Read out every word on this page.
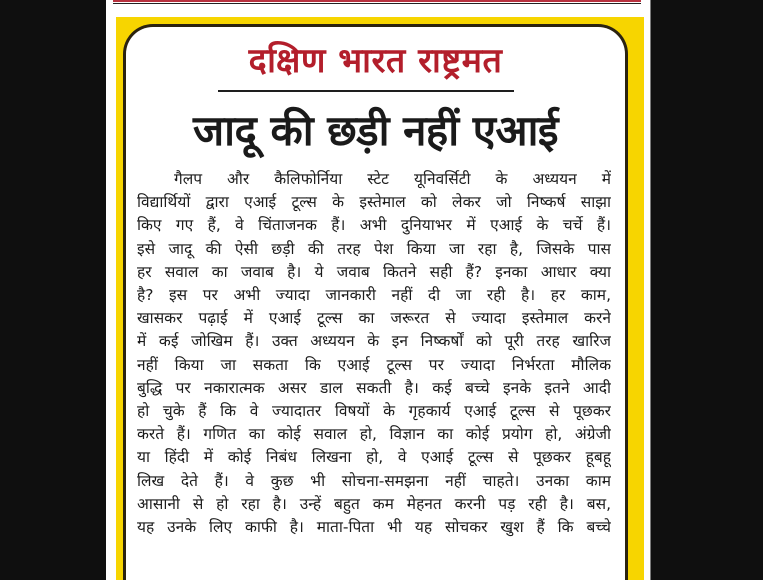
दक्षिण भारत राष्ट्रमत
जादू की छड़ी नहीं एआई
गैलप और कैलिफोर्निया स्टेट यूनिवर्सिटी के अध्ययन में
विद्यार्थियों द्वारा एआई टूल्स के इस्तेमाल को लेकर जो निष्कर्ष साझा
किए गए हैं, वे चिंताजनक हैं। अभी दुनियाभर में एआई के चर्चे हैं।
इसे जादू की ऐसी छड़ी की तरह पेश किया जा रहा है, जिसके पास
हर सवाल का जवाब है। ये जवाब कितने सही हैं? इनका आधार क्या
है? इस पर अभी ज्यादा जानकारी नहीं दी जा रही है। हर काम,
खासकर पढ़ाई में एआई टूल्स का जरूरत से ज्यादा इस्तेमाल करने
में कई जोखिम हैं। उक्त अध्ययन के इन निष्कर्षों को पूरी तरह खारिज
नहीं किया जा सकता कि एआई टूल्स पर ज्यादा निर्भरता मौलिक
बुद्धि पर नकारात्मक असर डाल सकती है। कई बच्चे इनके इतने आदी
हो चुके हैं कि वे ज्यादातर विषयों के गृहकार्य एआई टूल्स से पूछकर
करते हैं। गणित का कोई सवाल हो, विज्ञान का कोई प्रयोग हो, अंग्रेजी
या हिंदी में कोई निबंध लिखना हो, वे एआई टूल्स से पूछकर हूबहू
लिख देते हैं। वे कुछ भी सोचना-समझना नहीं चाहते। उनका काम
आसानी से हो रहा है। उन्हें बहुत कम मेहनत करनी पड़ रही है। बस,
यह उनके लिए काफी है। माता-पिता भी यह सोचकर खुश हैं कि बच्चे
